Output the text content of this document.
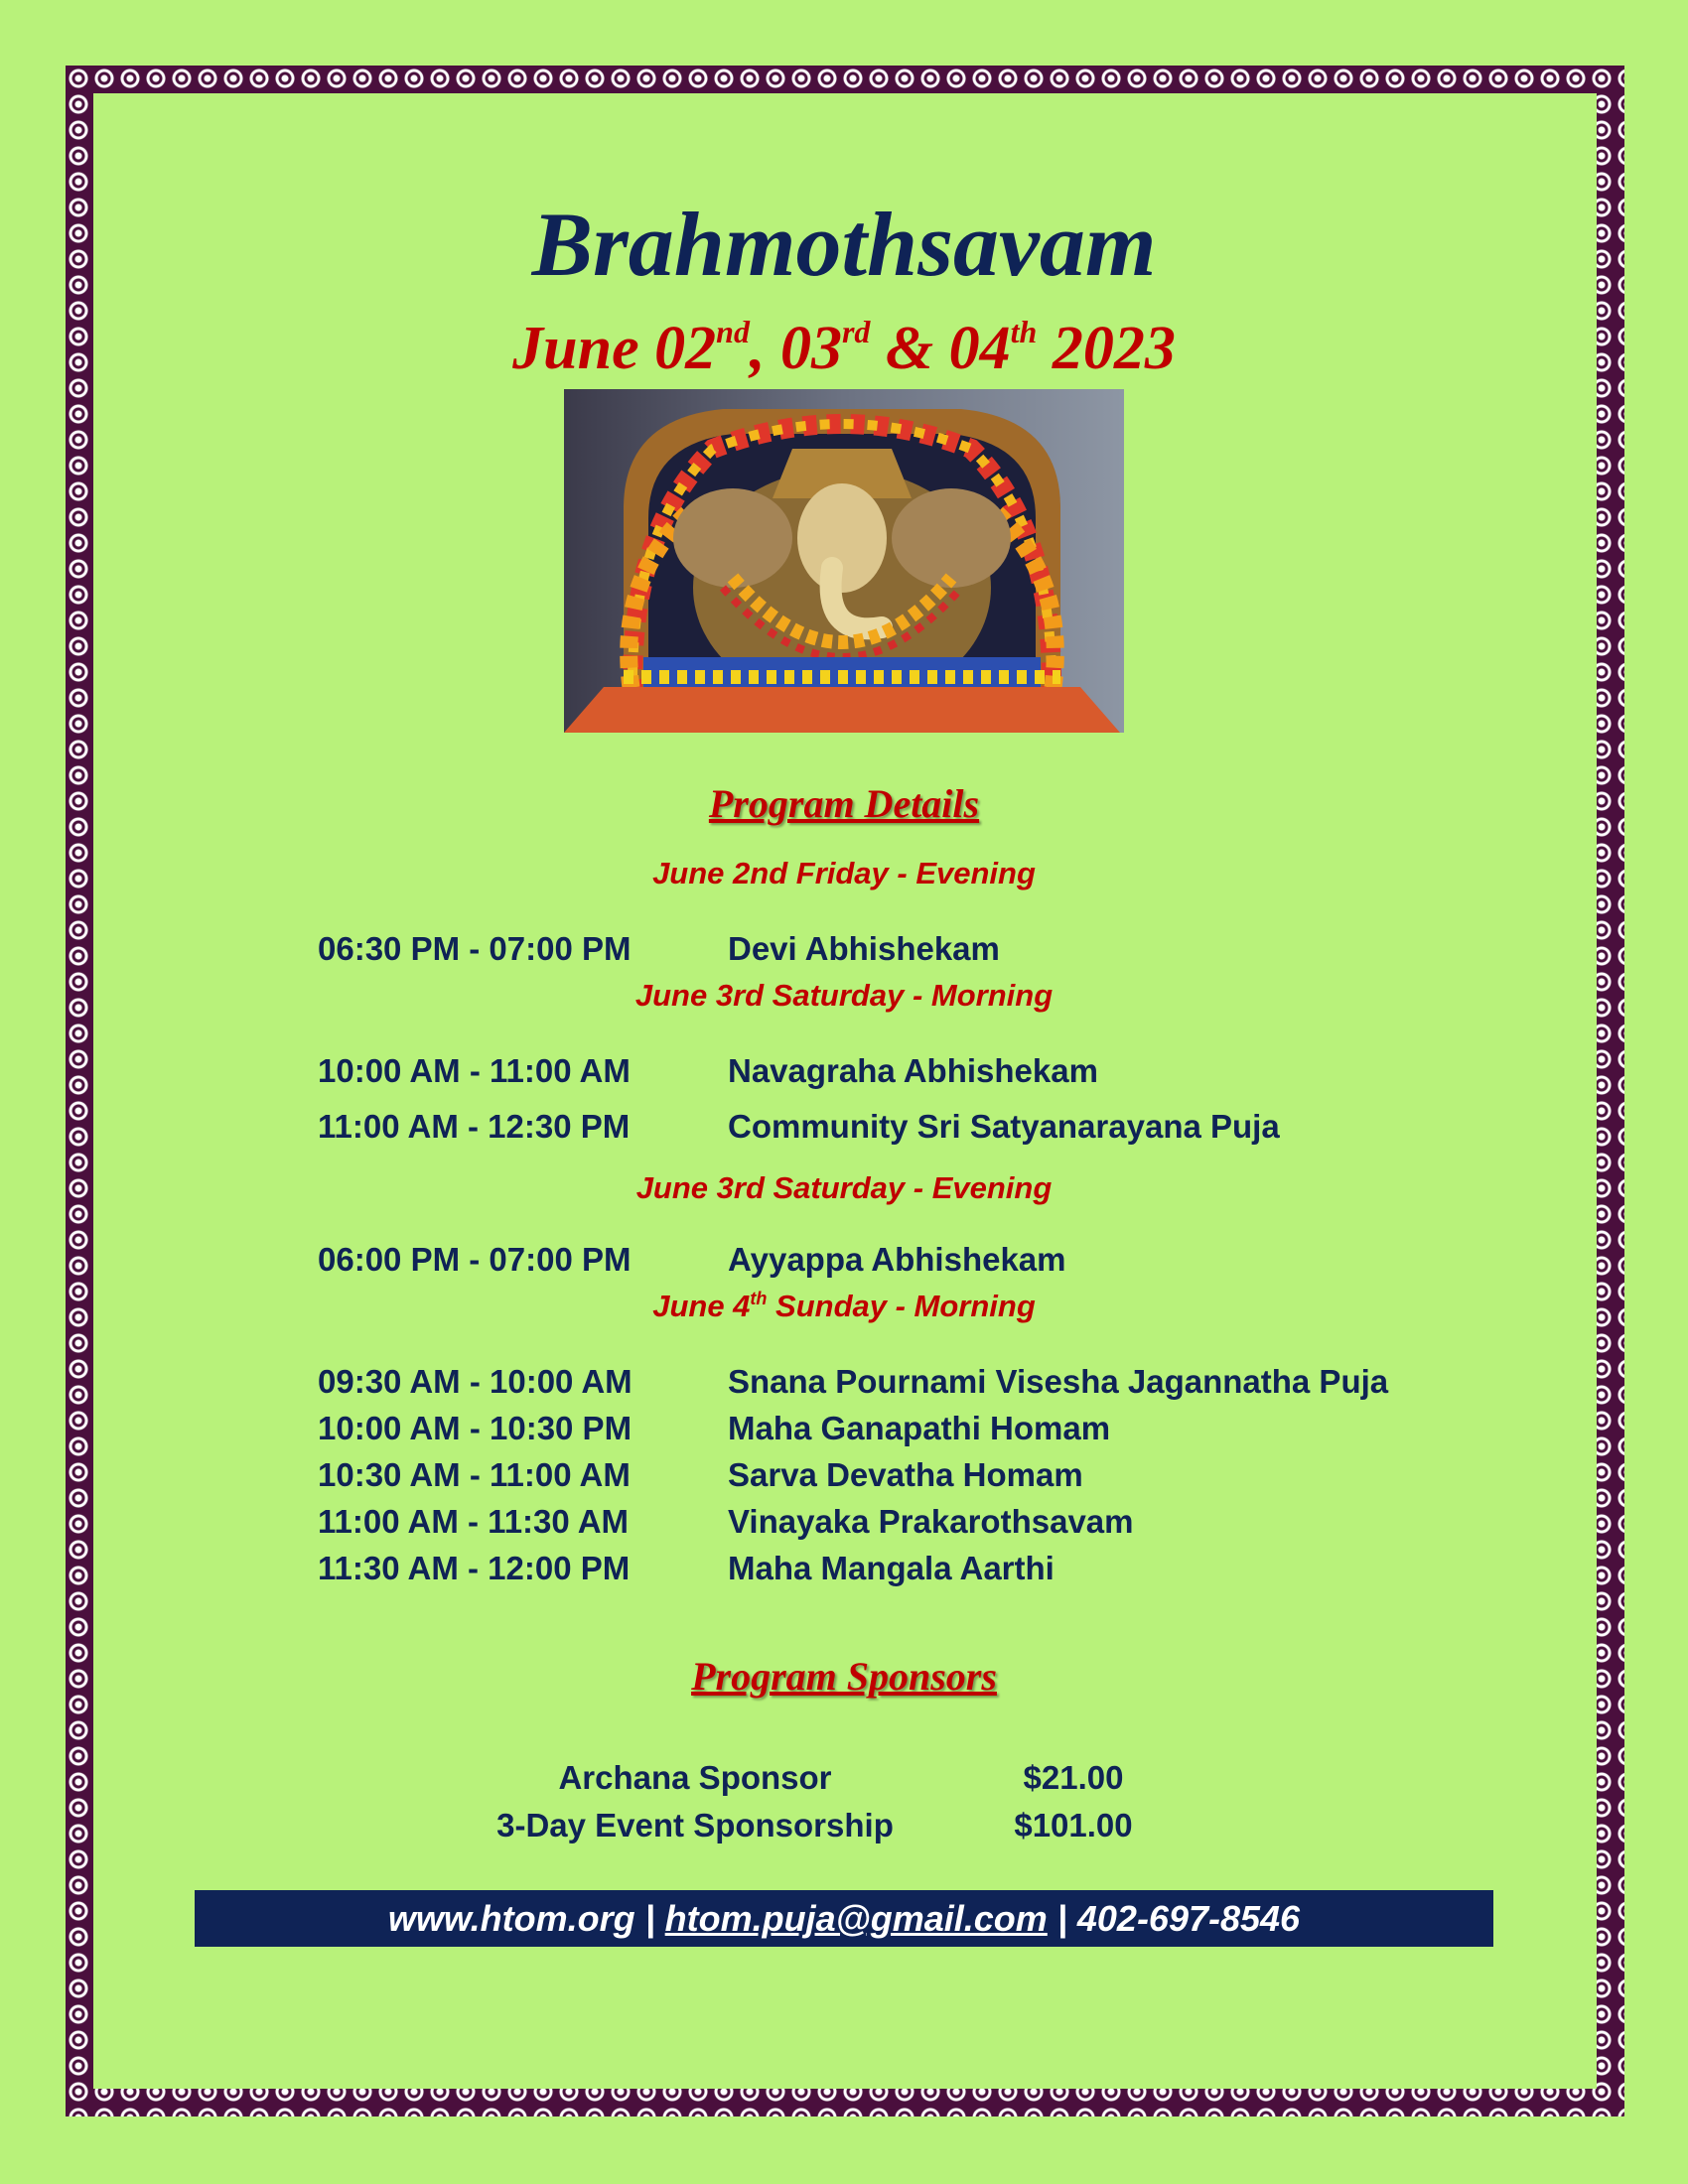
Brahmothsavam
June 02nd, 03rd & 04th 2023
Program Details
June 2nd Friday - Evening
06:30 PM - 07:00 PM	Devi Abhishekam
June 3rd Saturday - Morning
10:00 AM - 11:00 AM	Navagraha Abhishekam
11:00 AM - 12:30 PM	Community Sri Satyanarayana Puja
June 3rd Saturday - Evening
06:00 PM - 07:00 PM	Ayyappa Abhishekam
June 4th Sunday - Morning
09:30 AM - 10:00 AM	Snana Pournami Visesha Jagannatha Puja
10:00 AM - 10:30 PM	Maha Ganapathi Homam
10:30 AM - 11:00 AM	Sarva Devatha Homam
11:00 AM - 11:30 AM	Vinayaka Prakarothsavam
11:30 AM - 12:00 PM	Maha Mangala Aarthi
Program Sponsors
Archana Sponsor	$21.00
3-Day Event Sponsorship	$101.00
www.htom.org | htom.puja@gmail.com | 402-697-8546
